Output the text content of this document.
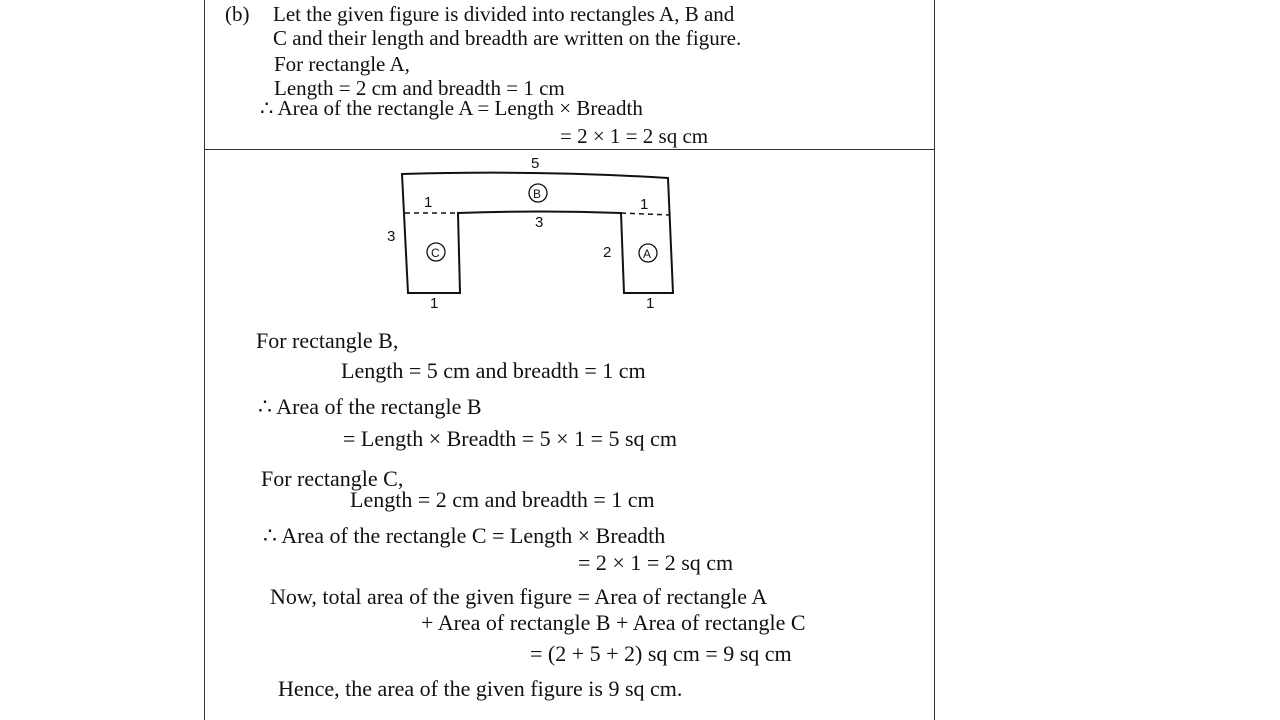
(b) Let the given figure is divided into rectangles A, B and
C and their length and breadth are written on the figure.
For rectangle A,
Length = 2 cm and breadth = 1 cm
∴ Area of the rectangle A = Length × Breadth
= 2 × 1 = 2 sq cm
5
3
3
2
1	1
1	1
B
C	A
For rectangle B,
Length = 5 cm and breadth = 1 cm
∴ Area of the rectangle B
= Length × Breadth = 5 × 1 = 5 sq cm
For rectangle C,
Length = 2 cm and breadth = 1 cm
∴ Area of the rectangle C = Length × Breadth
= 2 × 1 = 2 sq cm
Now, total area of the given figure = Area of rectangle A
+ Area of rectangle B + Area of rectangle C
= (2 + 5 + 2) sq cm = 9 sq cm
Hence, the area of the given figure is 9 sq cm.
